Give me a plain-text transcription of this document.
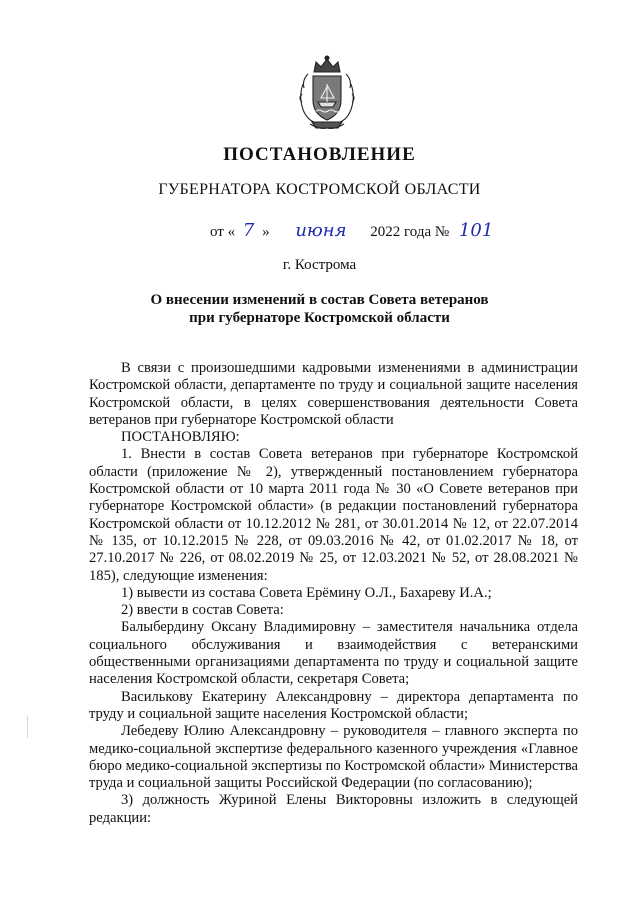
ПОСТАНОВЛЕНИЕ
ГУБЕРНАТОРА КОСТРОМСКОЙ ОБЛАСТИ
от « 7 » июня 2022 года № 101
г. Кострома
О внесении изменений в состав Совета ветеранов
при губернаторе Костромской области

В связи с произошедшими кадровыми изменениями в администрации Костромской области, департаменте по труду и социальной защите населения Костромской области, в целях совершенствования деятельности Совета ветеранов при губернаторе Костромской области

ПОСТАНОВЛЯЮ:

1. Внести в состав Совета ветеранов при губернаторе Костромской области (приложение № 2), утвержденный постановлением губернатора Костромской области от 10 марта 2011 года № 30 «О Совете ветеранов при губернаторе Костромской области» (в редакции постановлений губернатора Костромской области от 10.12.2012 № 281, от 30.01.2014 № 12, от 22.07.2014 № 135, от 10.12.2015 № 228, от 09.03.2016 № 42, от 01.02.2017 № 18, от 27.10.2017 № 226, от 08.02.2019 № 25, от 12.03.2021 № 52, от 28.08.2021 № 185), следующие изменения:

1) вывести из состава Совета Ерёмину О.Л., Бахареву И.А.;

2) ввести в состав Совета:

Балыбердину Оксану Владимировну – заместителя начальника отдела социального обслуживания и взаимодействия с ветеранскими общественными организациями департамента по труду и социальной защите населения Костромской области, секретаря Совета;

Василькову Екатерину Александровну – директора департамента по труду и социальной защите населения Костромской области;

Лебедеву Юлию Александровну – руководителя – главного эксперта по медико-социальной экспертизе федерального казенного учреждения «Главное бюро медико-социальной экспертизы по Костромской области» Министерства труда и социальной защиты Российской Федерации (по согласованию);

3) должность Журиной Елены Викторовны изложить в следующей редакции:
